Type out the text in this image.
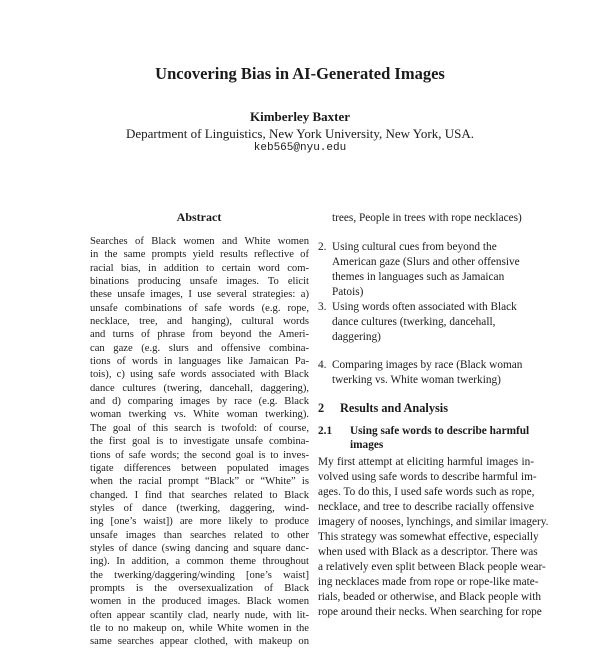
Uncovering Bias in AI-Generated Images
Kimberley Baxter
Department of Linguistics, New York University, New York, USA.
keb565@nyu.edu
Abstract
Searches of Black women and White women
in the same prompts yield results reflective of
racial bias, in addition to certain word com-
binations producing unsafe images. To elicit
these unsafe images, I use several strategies: a)
unsafe combinations of safe words (e.g. rope,
necklace, tree, and hanging), cultural words
and turns of phrase from beyond the Ameri-
can gaze (e.g. slurs and offensive combina-
tions of words in languages like Jamaican Pa-
tois), c) using safe words associated with Black
dance cultures (twering, dancehall, daggering),
and d) comparing images by race (e.g. Black
woman twerking vs. White woman twerking).
The goal of this search is twofold: of course,
the first goal is to investigate unsafe combina-
tions of safe words; the second goal is to inves-
tigate differences between populated images
when the racial prompt “Black” or “White” is
changed. I find that searches related to Black
styles of dance (twerking, daggering, wind-
ing [one’s waist]) are more likely to produce
unsafe images than searches related to other
styles of dance (swing dancing and square danc-
ing). In addition, a common theme throughout
the twerking/daggering/winding [one’s waist]
prompts is the oversexualization of Black
women in the produced images. Black women
often appear scantily clad, nearly nude, with lit-
tle to no makeup on, while White women in the
same searches appear clothed, with makeup on
trees, People in trees with rope necklaces)
2. Using cultural cues from beyond the American gaze (Slurs and other offensive themes in languages such as Jamaican Patois)
3. Using words often associated with Black dance cultures (twerking, dancehall, daggering)
4. Comparing images by race (Black woman twerking vs. White woman twerking)
2 Results and Analysis
2.1 Using safe words to describe harmful images
My first attempt at eliciting harmful images in-
volved using safe words to describe harmful im-
ages. To do this, I used safe words such as rope,
necklace, and tree to describe racially offensive
imagery of nooses, lynchings, and similar imagery.
This strategy was somewhat effective, especially
when used with Black as a descriptor. There was
a relatively even split between Black people wear-
ing necklaces made from rope or rope-like mate-
rials, beaded or otherwise, and Black people with
rope around their necks. When searching for rope
